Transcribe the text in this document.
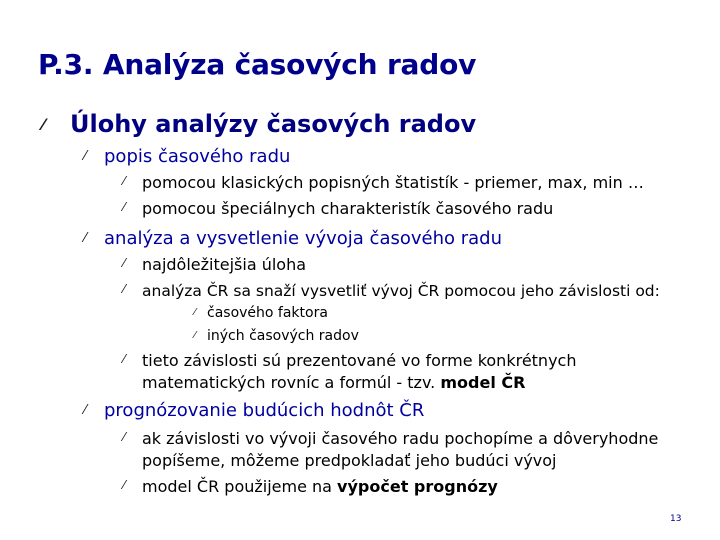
P.3. Analýza časových radov
⁄ Úlohy analýzy časových radov
⁄ popis časového radu
⁄ pomocou klasických popisných štatistík - priemer, max, min …
⁄ pomocou špeciálnych charakteristík časového radu
⁄ analýza a vysvetlenie vývoja časového radu
⁄ najdôležitejšia úloha
⁄ analýza ČR sa snaží vysvetliť vývoj ČR pomocou jeho závislosti od:
⁄ časového faktora
⁄ iných časových radov
⁄ tieto závislosti sú prezentované vo forme konkrétnych
matematických rovníc a formúl - tzv. model ČR
⁄ prognózovanie budúcich hodnôt ČR
⁄ ak závislosti vo vývoji časového radu pochopíme a dôveryhodne
popíšeme, môžeme predpokladať jeho budúci vývoj
⁄ model ČR použijeme na výpočet prognózy
13
